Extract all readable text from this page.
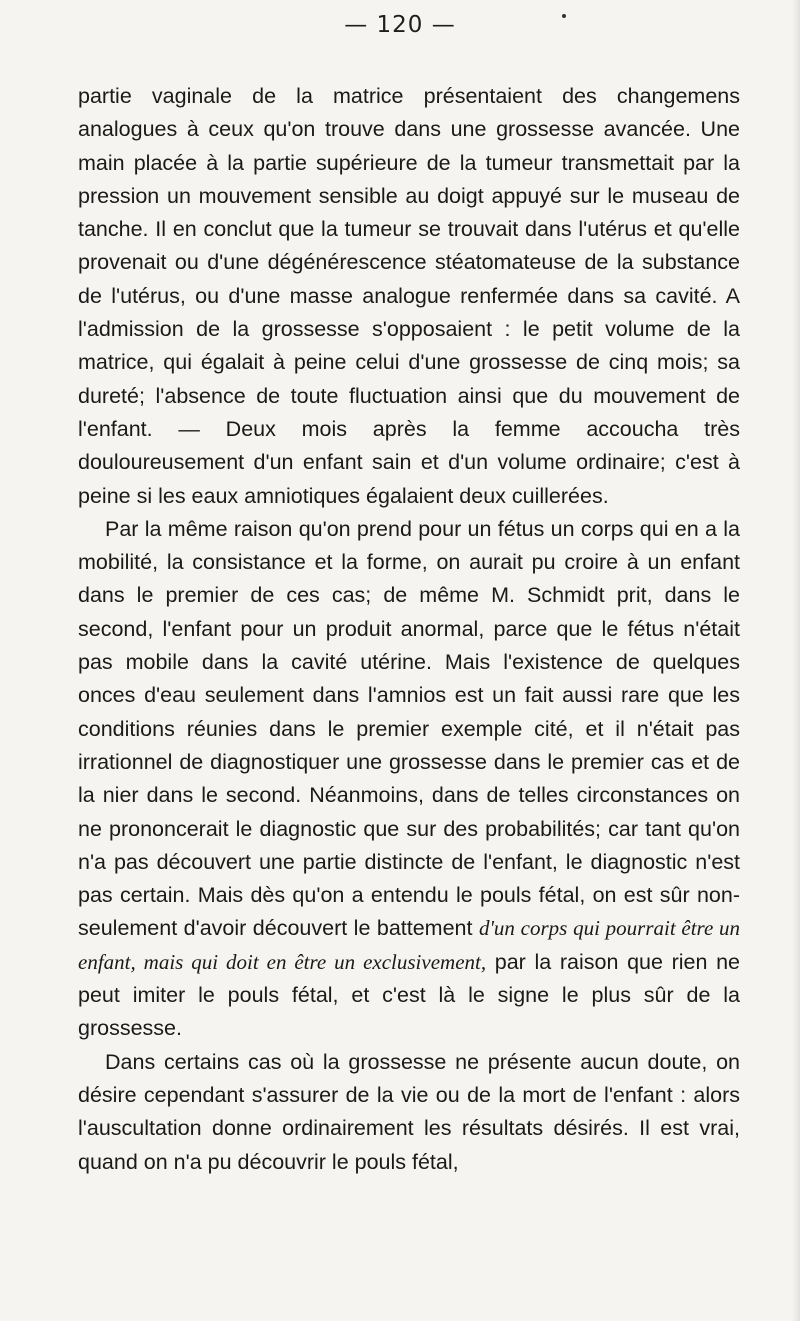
— 120 —

partie vaginale de la matrice présentaient des changemens analogues à ceux qu'on trouve dans une grossesse avancée. Une main placée à la partie supérieure de la tumeur transmettait par la pression un mouvement sensible au doigt appuyé sur le museau de tanche. Il en conclut que la tumeur se trouvait dans l'utérus et qu'elle provenait ou d'une dégénérescence stéatomateuse de la substance de l'utérus, ou d'une masse analogue renfermée dans sa cavité. A l'admission de la grossesse s'opposaient : le petit volume de la matrice, qui égalait à peine celui d'une grossesse de cinq mois; sa dureté; l'absence de toute fluctuation ainsi que du mouvement de l'enfant. — Deux mois après la femme accoucha très douloureusement d'un enfant sain et d'un volume ordinaire; c'est à peine si les eaux amniotiques égalaient deux cuillerées.

Par la même raison qu'on prend pour un fétus un corps qui en a la mobilité, la consistance et la forme, on aurait pu croire à un enfant dans le premier de ces cas; de même M. Schmidt prit, dans le second, l'enfant pour un produit anormal, parce que le fétus n'était pas mobile dans la cavité utérine. Mais l'existence de quelques onces d'eau seulement dans l'amnios est un fait aussi rare que les conditions réunies dans le premier exemple cité, et il n'était pas irrationnel de diagnostiquer une grossesse dans le premier cas et de la nier dans le second. Néanmoins, dans de telles circonstances on ne prononcerait le diagnostic que sur des probabilités; car tant qu'on n'a pas découvert une partie distincte de l'enfant, le diagnostic n'est pas certain. Mais dès qu'on a entendu le pouls fétal, on est sûr non-seulement d'avoir découvert le battement d'un corps qui pourrait être un enfant, mais qui doit en être un exclusivement, par la raison que rien ne peut imiter le pouls fétal, et c'est là le signe le plus sûr de la grossesse.

Dans certains cas où la grossesse ne présente aucun doute, on désire cependant s'assurer de la vie ou de la mort de l'enfant : alors l'auscultation donne ordinairement les résultats désirés. Il est vrai, quand on n'a pu découvrir le pouls fétal,
